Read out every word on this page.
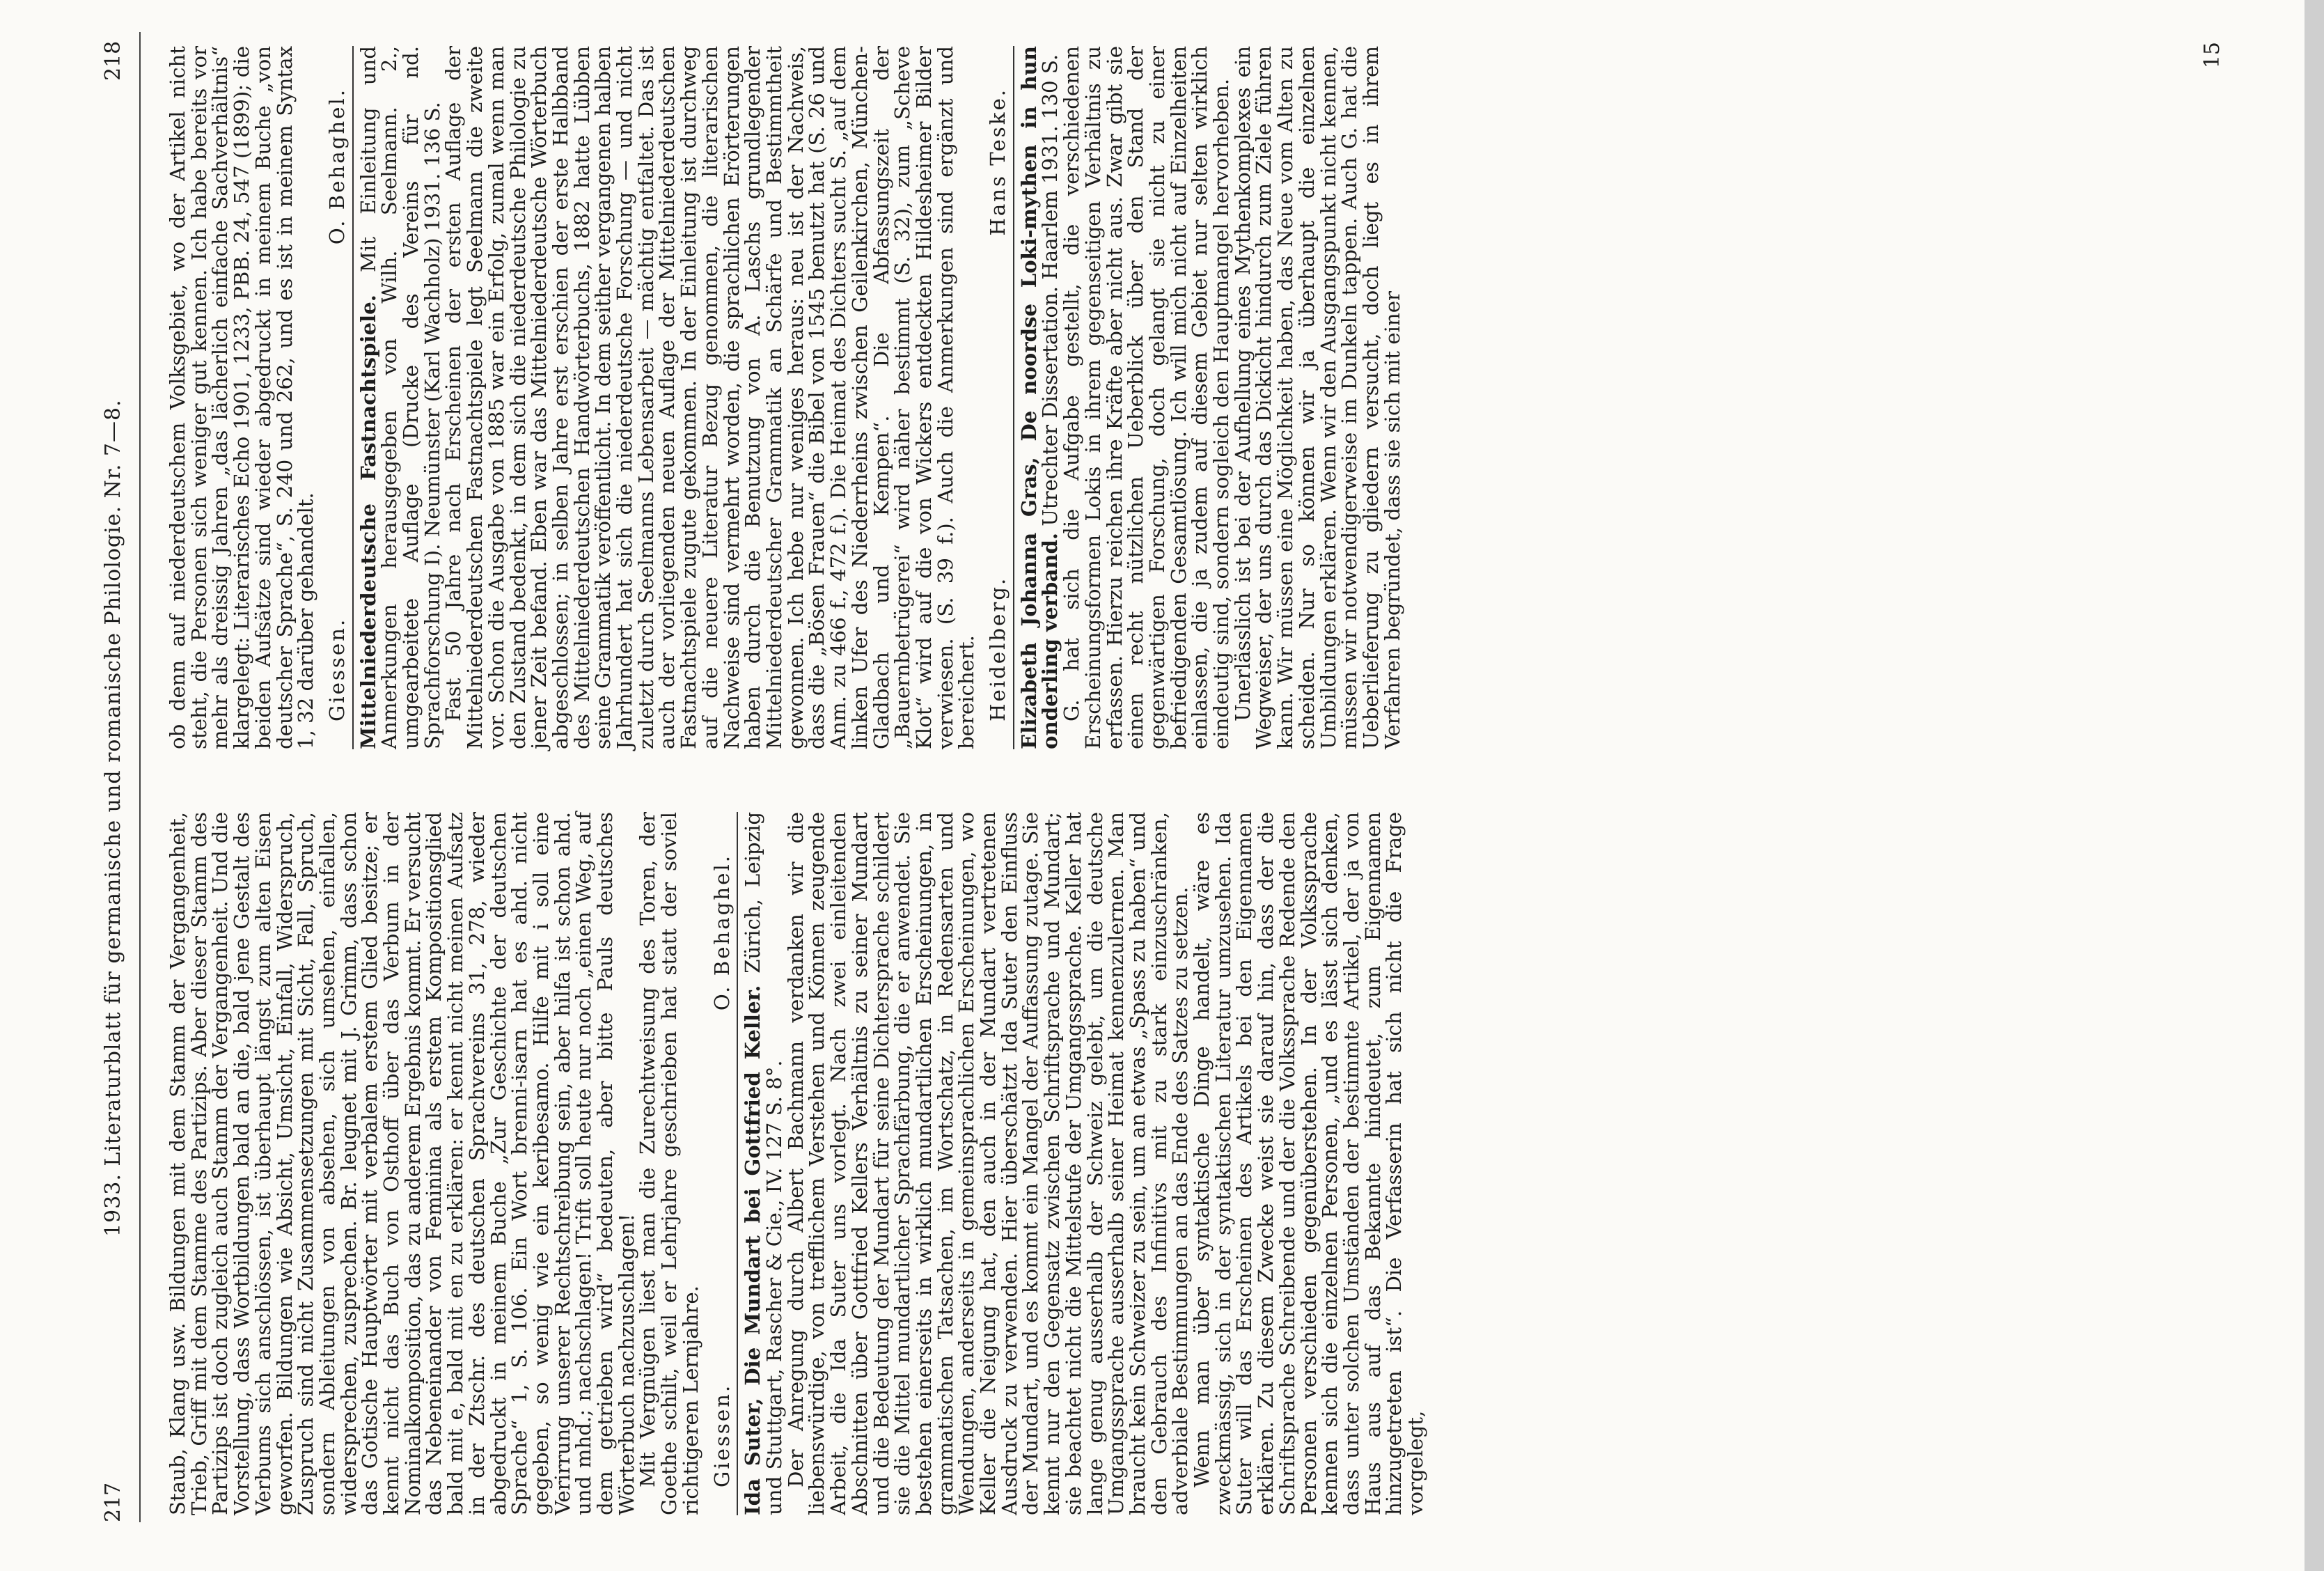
217
1933. Literaturblatt für germanische und romanische Philologie. Nr. 7—8.
218

Staub, Klang usw. Bildungen mit dem Stamm der Vergangenheit, Trieb, Griff mit dem Stamme des Partizips. Aber dieser Stamm des Partizips ist doch zugleich auch Stamm der Vergangenheit. Und die Vorstellung, dass Wortbildungen bald an die, bald jene Gestalt des Verbums sich anschlössen, ist überhaupt längst zum alten Eisen geworfen. Bildungen wie Absicht, Umsicht, Einfall, Widerspruch, Zuspruch sind nicht Zusammensetzungen mit Sicht, Fall, Spruch, sondern Ableitungen von absehen, sich umsehen, einfallen, widersprechen, zusprechen. Br. leugnet mit J. Grimm, dass schon das Gotische Hauptwörter mit verbalem erstem Glied besitze; er kennt nicht das Buch von Osthoff über das Verbum in der Nominalkomposition, das zu anderem Ergebnis kommt. Er versucht das Nebeneinander von Feminina als erstem Kompositionsglied bald mit e, bald mit en zu erklären: er kennt nicht meinen Aufsatz in der Ztschr. des deutschen Sprachvereins 31, 278, wieder abgedruckt in meinem Buche „Zur Geschichte der deutschen Sprache“ 1, S. 106. Ein Wort brenni-isarn hat es ahd. nicht gegeben, so wenig wie ein keribesamo. Hilfe mit i soll eine Verirrung unserer Rechtschreibung sein, aber hilfa ist schon ahd. und mhd.; nachschlagen! Trift soll heute nur noch „einen Weg, auf dem getrieben wird“ bedeuten, aber bitte Pauls deutsches Wörterbuch nachzuschlagen!

Mit Vergnügen liest man die Zurechtweisung des Toren, der Goethe schilt, weil er Lehrjahre geschrieben hat statt der soviel richtigeren Lernjahre. Giessen.
O. Behaghel.

Ida Suter, Die Mundart bei Gottfried Keller. Zürich, Leipzig und Stuttgart, Rascher & Cie., IV. 127 S. 8°.

Der Anregung durch Albert Bachmann verdanken wir die liebenswürdige, von trefflichem Verstehen und Können zeugende Arbeit, die Ida Suter uns vorlegt. Nach zwei einleitenden Abschnitten über Gottfried Kellers Verhältnis zu seiner Mundart und die Bedeutung der Mundart für seine Dichtersprache schildert sie die Mittel mundartlicher Sprachfärbung, die er anwendet. Sie bestehen einerseits in wirklich mundartlichen Erscheinungen, in grammatischen Tatsachen, im Wortschatz, in Redensarten und Wendungen, anderseits in gemeinsprachlichen Erscheinungen, wo Keller die Neigung hat, den auch in der Mundart vertretenen Ausdruck zu verwenden. Hier überschätzt Ida Suter den Einfluss der Mundart, und es kommt ein Mangel der Auffassung zutage. Sie kennt nur den Gegensatz zwischen Schriftsprache und Mundart; sie beachtet nicht die Mittelstufe der Umgangssprache. Keller hat lange genug ausserhalb der Schweiz gelebt, um die deutsche Umgangssprache ausserhalb seiner Heimat kennenzulernen. Man braucht kein Schweizer zu sein, um an etwas „Spass zu haben“ und den Gebrauch des Infinitivs mit zu stark einzuschränken, adverbiale Bestimmungen an das Ende des Satzes zu setzen.

Wenn man über syntaktische Dinge handelt, wäre es zweckmässig, sich in der syntaktischen Literatur umzusehen. Ida Suter will das Erscheinen des Artikels bei den Eigennamen erklären. Zu diesem Zwecke weist sie darauf hin, dass der die Schriftsprache Schreibende und der die Volkssprache Redende den Personen verschieden gegenüberstehen. In der Volkssprache kennen sich die einzelnen Personen, „und es lässt sich denken, dass unter solchen Umständen der bestimmte Artikel, der ja von Haus aus auf das Bekannte hindeutet, zum Eigennamen hinzugetreten ist“. Die Verfasserin hat sich nicht die Frage vorgelegt,

ob denn auf niederdeutschem Volksgebiet, wo der Artikel nicht steht, die Personen sich weniger gut kennen. Ich habe bereits vor mehr als dreissig Jahren „das lächerlich einfache Sachverhältnis“ klargelegt: Literarisches Echo 1901, 1233, PBB. 24, 547 (1899); die beiden Aufsätze sind wieder abgedruckt in meinem Buche „von deutscher Sprache“, S. 240 und 262, und es ist in meinem Syntax 1, 32 darüber gehandelt. Giessen.
O. Behaghel.

Mittelniederdeutsche Fastnachtspiele. Mit Einleitung und Anmerkungen herausgegeben von Wilh. Seelmann. 2., umgearbeitete Auflage (Drucke des Vereins für nd. Sprachforschung I). Neumünster (Karl Wachholz) 1931. 136 S.

Fast 50 Jahre nach Erscheinen der ersten Auflage der Mittelniederdeutschen Fastnachtspiele legt Seelmann die zweite vor. Schon die Ausgabe von 1885 war ein Erfolg, zumal wenn man den Zustand bedenkt, in dem sich die niederdeutsche Philologie zu jener Zeit befand. Eben war das Mittelniederdeutsche Wörterbuch abgeschlossen; in selben Jahre erst erschien der erste Halbband des Mittelniederdeutschen Handwörterbuchs, 1882 hatte Lübben seine Grammatik veröffentlicht. In dem seither vergangenen halben Jahrhundert hat sich die niederdeutsche Forschung — und nicht zuletzt durch Seelmanns Lebensarbeit — mächtig entfaltet. Das ist auch der vorliegenden neuen Auflage der Mittelniederdeutschen Fastnachtspiele zugute gekommen. In der Einleitung ist durchweg auf die neuere Literatur Bezug genommen, die literarischen Nachweise sind vermehrt worden, die sprachlichen Erörterungen haben durch die Benutzung von A. Laschs grundlegender Mittelniederdeutscher Grammatik an Schärfe und Bestimmtheit gewonnen. Ich hebe nur weniges heraus: neu ist der Nachweis, dass die „Bösen Frauen“ die Bibel von 1545 benutzt hat (S. 26 und Anm. zu 466 f., 472 f.). Die Heimat des Dichters sucht S. „auf dem linken Ufer des Niederrheins zwischen Geilenkirchen, München-Gladbach und Kempen“. Die Abfassungszeit der „Bauernbetrügerei“ wird näher bestimmt (S. 32), zum „Scheve Klot“ wird auf die von Wickers entdeckten Hildesheimer Bilder verwiesen. (S. 39 f.). Auch die Anmerkungen sind ergänzt und bereichert. Heidelberg.
Hans Teske. Elizabeth Johanna Gras, De noordse Loki-mythen in hun onderling verband. Utrechter Dissertation. Haarlem 1931. 130 S.

G. hat sich die Aufgabe gestellt, die verschiedenen Erscheinungsformen Lokis in ihrem gegenseitigen Verhältnis zu erfassen. Hierzu reichen ihre Kräfte aber nicht aus. Zwar gibt sie einen recht nützlichen Ueberblick über den Stand der gegenwärtigen Forschung, doch gelangt sie nicht zu einer befriedigenden Gesamtlösung. Ich will mich nicht auf Einzelheiten einlassen, die ja zudem auf diesem Gebiet nur selten wirklich eindeutig sind, sondern sogleich den Hauptmangel hervorheben.

Unerlässlich ist bei der Aufhellung eines Mythenkomplexes ein Wegweiser, der uns durch das Dickicht hindurch zum Ziele führen kann. Wir müssen eine Möglichkeit haben, das Neue vom Alten zu scheiden. Nur so können wir ja überhaupt die einzelnen Umbildungen erklären. Wenn wir den Ausgangspunkt nicht kennen, müssen wir notwendigerweise im Dunkeln tappen. Auch G. hat die Ueberlieferung zu gliedern versucht, doch liegt es in ihrem Verfahren begründet, dass sie sich mit einer

15
